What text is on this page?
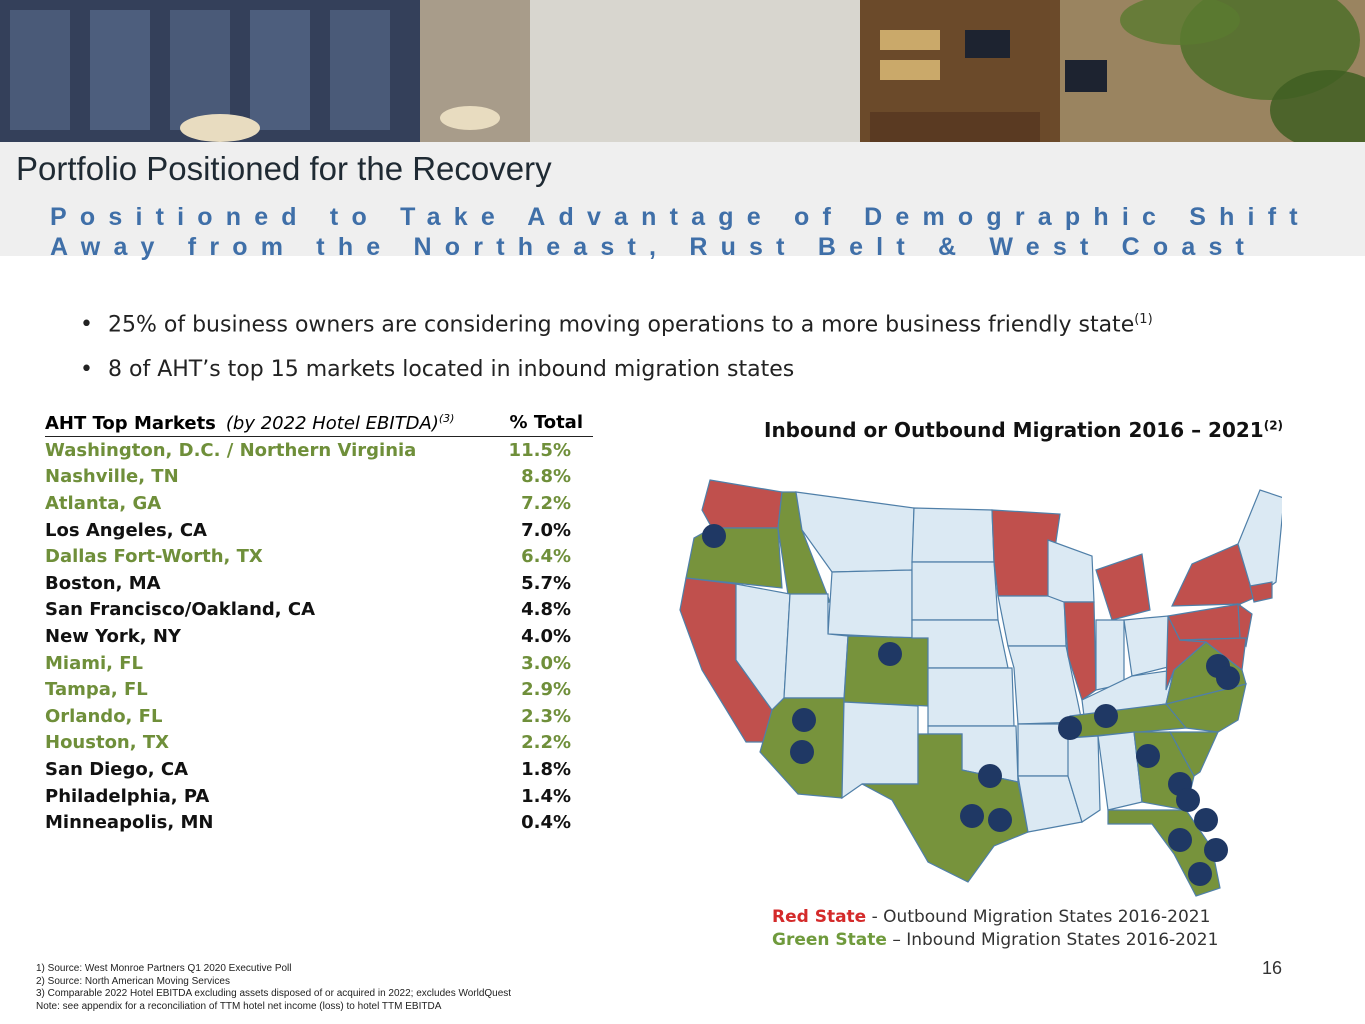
Portfolio Positioned for the Recovery
Positioned to Take Advantage of Demographic Shift Away from the Northeast, Rust Belt & West Coast
• 25% of business owners are considering moving operations to a more business friendly state$^{(1)}$
• 8 of AHT’s top 15 markets located in inbound migration states
AHT Top Markets (by 2022 Hotel EBITDA)$^{(3)}$	% Total
Washington, D.C. / Northern Virginia	11.5%
Nashville, TN	8.8%
Atlanta, GA	7.2%
Los Angeles, CA	7.0%
Dallas Fort-Worth, TX	6.4%
Boston, MA	5.7%
San Francisco/Oakland, CA	4.8%
New York, NY	4.0%
Miami, FL	3.0%
Tampa, FL	2.9%
Orlando, FL	2.3%
Houston, TX	2.2%
San Diego, CA	1.8%
Philadelphia, PA	1.4%
Minneapolis, MN	0.4%
Inbound or Outbound Migration 2016 – 2021$^{(2)}$
Red State - Outbound Migration States 2016-2021
Green State – Inbound Migration States 2016-2021
16
1) Source: West Monroe Partners Q1 2020 Executive Poll
2) Source: North American Moving Services
3) Comparable 2022 Hotel EBITDA excluding assets disposed of or acquired in 2022; excludes WorldQuest
Note: see appendix for a reconciliation of TTM hotel net income (loss) to hotel TTM EBITDA
